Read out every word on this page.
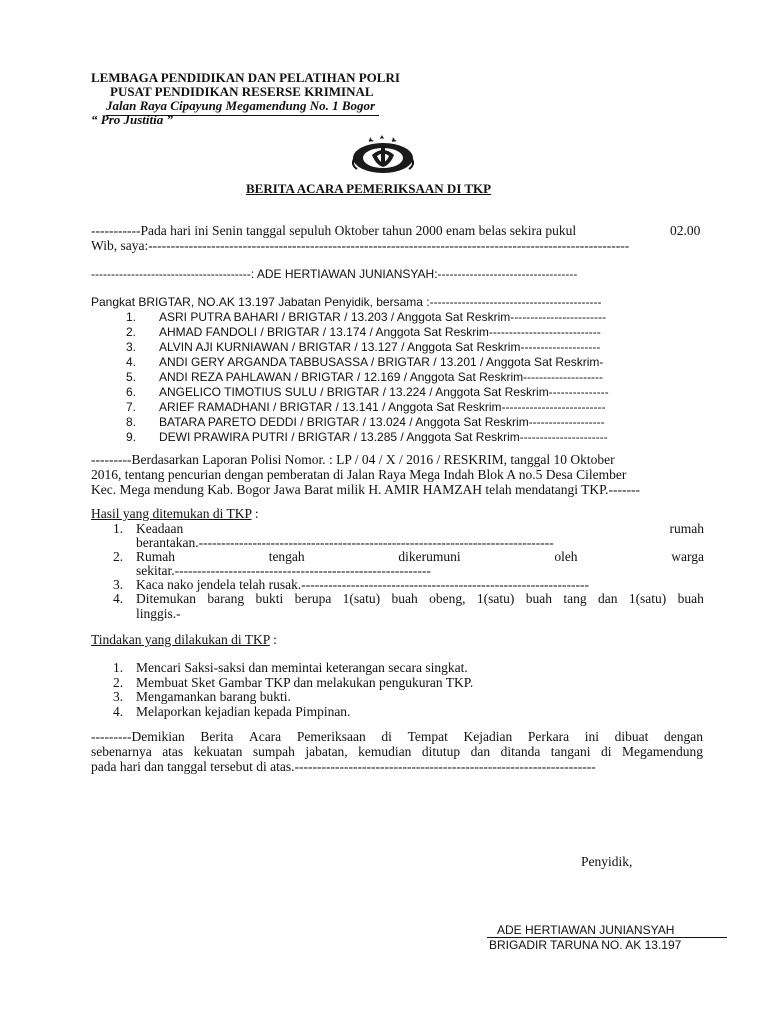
LEMBAGA PENDIDIKAN DAN PELATIHAN POLRI
PUSAT PENDIDIKAN RESERSE KRIMINAL
Jalan Raya Cipayung Megamendung No. 1 Bogor
“ Pro Justitia ”
BERITA ACARA PEMERIKSAAN DI TKP
-----------Pada hari ini Senin tanggal sepuluh Oktober tahun 2000 enam belas sekira pukul	02.00
Wib, saya:-----------------------------------------------------------------------------------------------------------
----------------------------------------: ADE HERTIAWAN JUNIANSYAH:-----------------------------------
Pangkat BRIGTAR, NO.AK 13.197 Jabatan Penyidik, bersama :-------------------------------------------
1. ASRI PUTRA BAHARI / BRIGTAR / 13.203 / Anggota Sat Reskrim------------------------
2. AHMAD FANDOLI / BRIGTAR / 13.174 / Anggota Sat Reskrim----------------------------
3. ALVIN AJI KURNIAWAN / BRIGTAR / 13.127 / Anggota Sat Reskrim--------------------
4. ANDI GERY ARGANDA TABBUSASSA / BRIGTAR / 13.201 / Anggota Sat Reskrim-
5. ANDI REZA PAHLAWAN / BRIGTAR / 12.169 / Anggota Sat Reskrim--------------------
6. ANGELICO TIMOTIUS SULU / BRIGTAR / 13.224 / Anggota Sat Reskrim---------------
7. ARIEF RAMADHANI / BRIGTAR / 13.141 / Anggota Sat Reskrim--------------------------
8. BATARA PARETO DEDDI / BRIGTAR / 13.024 / Anggota Sat Reskrim-------------------
9. DEWI PRAWIRA PUTRI / BRIGTAR / 13.285 / Anggota Sat Reskrim----------------------
---------Berdasarkan Laporan Polisi Nomor. : LP / 04 / X / 2016 / RESKRIM, tanggal 10 Oktober
2016, tentang pencurian dengan pemberatan di Jalan Raya Mega Indah Blok A no.5 Desa Cilember
Kec. Mega mendung Kab. Bogor Jawa Barat milik H. AMIR HAMZAH telah mendatangi TKP.-------
Hasil yang ditemukan di TKP :
1. Keadaan	rumah
berantakan.-------------------------------------------------------------------------------
2. Rumah	tengah	dikerumuni	oleh	warga
sekitar.---------------------------------------------------------
3. Kaca nako jendela telah rusak.----------------------------------------------------------------
4. Ditemukan barang bukti berupa 1(satu) buah obeng, 1(satu) buah tang dan 1(satu) buah
linggis.-
Tindakan yang dilakukan di TKP :
1. Mencari Saksi-saksi dan memintai keterangan secara singkat.
2. Membuat Sket Gambar TKP dan melakukan pengukuran TKP.
3. Mengamankan barang bukti.
4. Melaporkan kejadian kepada Pimpinan.
---------Demikian Berita Acara Pemeriksaan di Tempat Kejadian Perkara ini dibuat dengan
sebenarnya atas kekuatan sumpah jabatan, kemudian ditutup dan ditanda tangani di Megamendung
pada hari dan tanggal tersebut di atas.-------------------------------------------------------------------
Penyidik,
ADE HERTIAWAN JUNIANSYAH
BRIGADIR TARUNA NO. AK 13.197
